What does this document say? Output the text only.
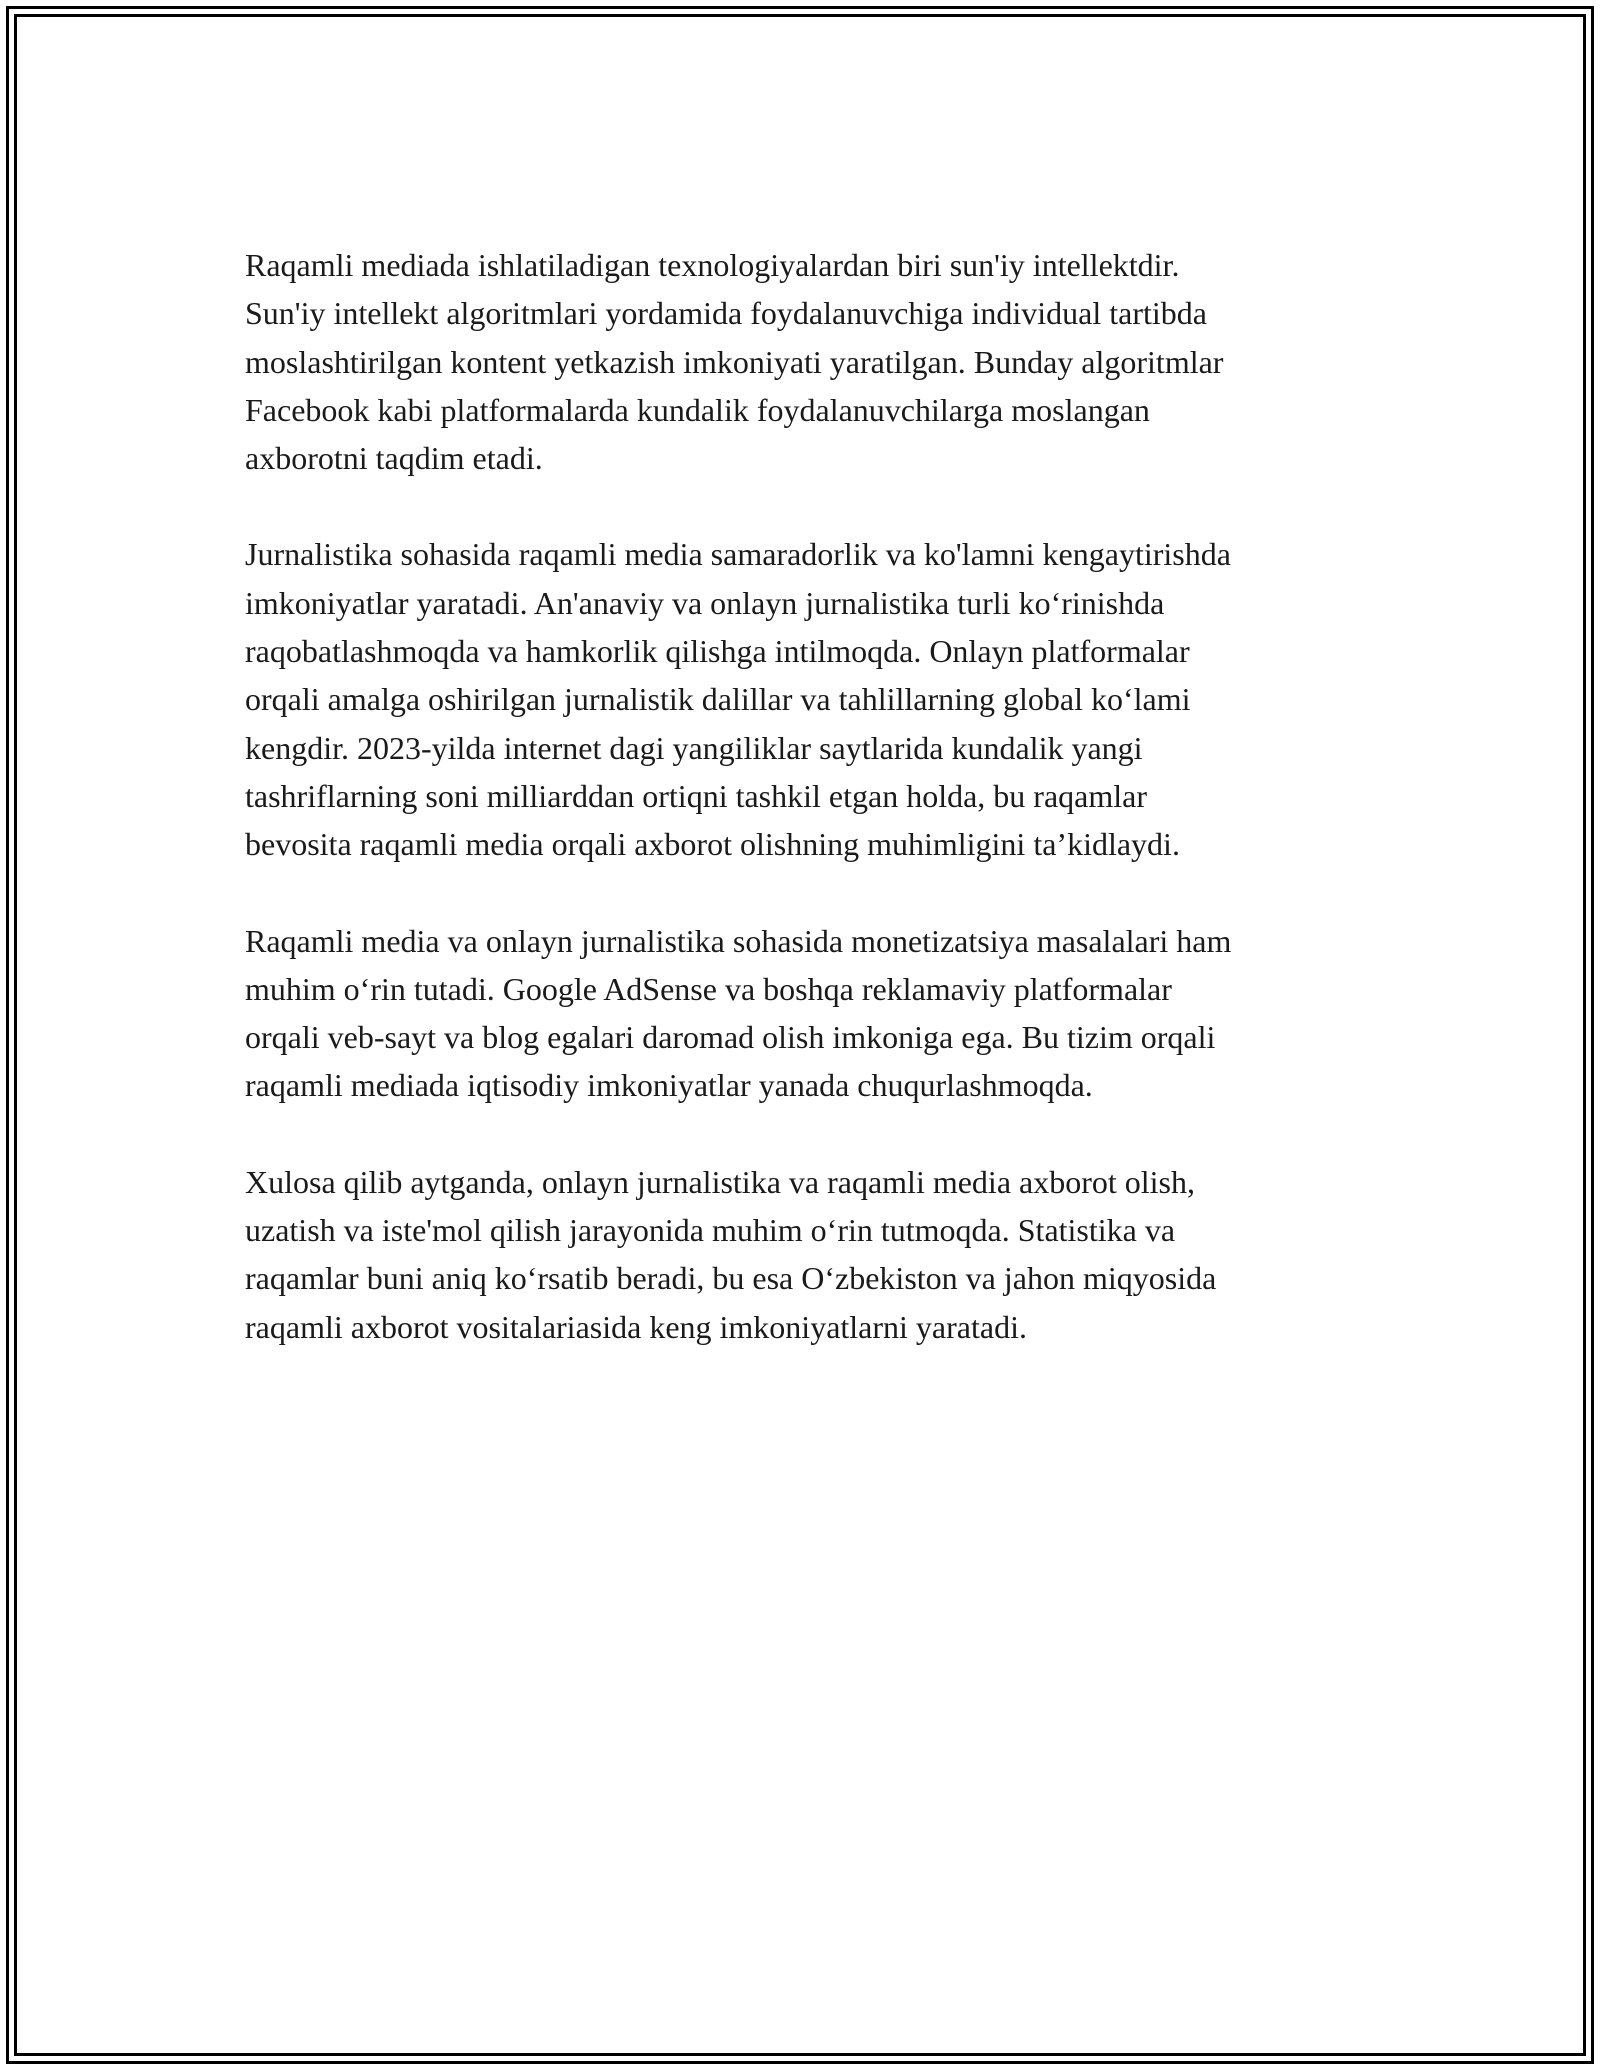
Raqamli mediada ishlatiladigan texnologiyalardan biri sun'iy intellektdir.
Sun'iy intellekt algoritmlari yordamida foydalanuvchiga individual tartibda
moslashtirilgan kontent yetkazish imkoniyati yaratilgan. Bunday algoritmlar
Facebook kabi platformalarda kundalik foydalanuvchilarga moslangan
axborotni taqdim etadi.

Jurnalistika sohasida raqamli media samaradorlik va ko'lamni kengaytirishda
imkoniyatlar yaratadi. An'anaviy va onlayn jurnalistika turli ko‘rinishda
raqobatlashmoqda va hamkorlik qilishga intilmoqda. Onlayn platformalar
orqali amalga oshirilgan jurnalistik dalillar va tahlillarning global ko‘lami
kengdir. 2023-yilda internet dagi yangiliklar saytlarida kundalik yangi
tashriflarning soni milliarddan ortiqni tashkil etgan holda, bu raqamlar
bevosita raqamli media orqali axborot olishning muhimligini ta’kidlaydi.

Raqamli media va onlayn jurnalistika sohasida monetizatsiya masalalari ham
muhim o‘rin tutadi. Google AdSense va boshqa reklamaviy platformalar
orqali veb-sayt va blog egalari daromad olish imkoniga ega. Bu tizim orqali
raqamli mediada iqtisodiy imkoniyatlar yanada chuqurlashmoqda.

Xulosa qilib aytganda, onlayn jurnalistika va raqamli media axborot olish,
uzatish va iste'mol qilish jarayonida muhim o‘rin tutmoqda. Statistika va
raqamlar buni aniq ko‘rsatib beradi, bu esa O‘zbekiston va jahon miqyosida
raqamli axborot vositalariasida keng imkoniyatlarni yaratadi.
